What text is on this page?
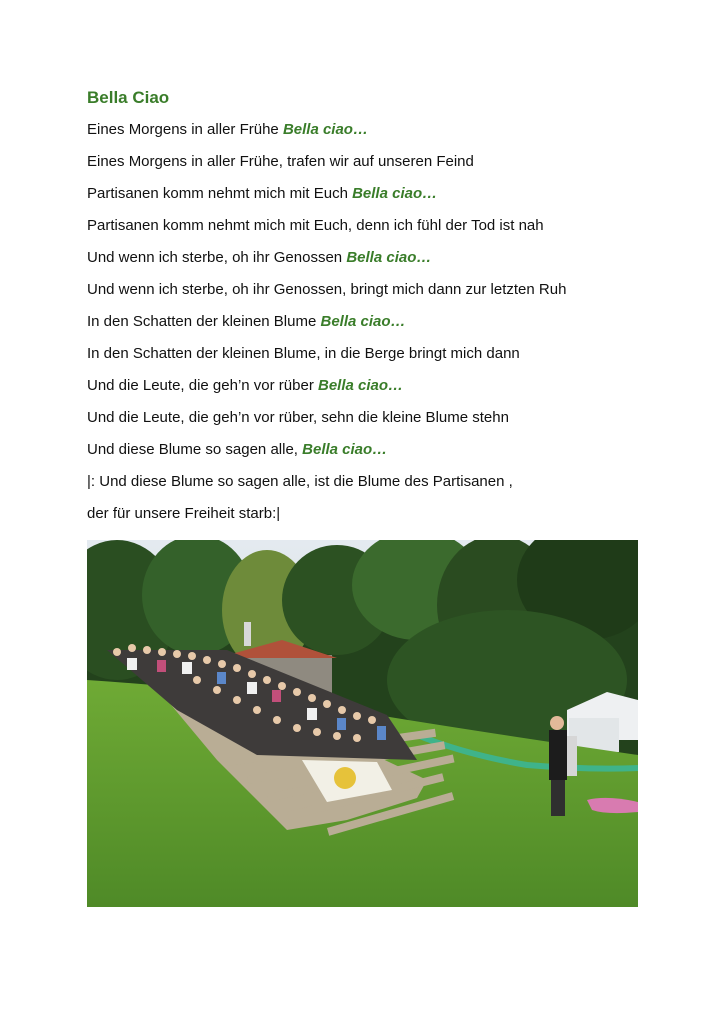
Bella Ciao

Eines Morgens in aller Frühe Bella ciao…

Eines Morgens in aller Frühe, trafen wir auf unseren Feind

Partisanen komm nehmt mich mit Euch Bella ciao…

Partisanen komm nehmt mich mit Euch, denn ich fühl der Tod ist nah

Und wenn ich sterbe, oh ihr Genossen Bella ciao…

Und wenn ich sterbe, oh ihr Genossen, bringt mich dann zur letzten Ruh

In den Schatten der kleinen Blume Bella ciao…

In den Schatten der kleinen Blume, in die Berge bringt mich dann

Und die Leute, die geh’n vor rüber Bella ciao…

Und die Leute, die geh’n vor rüber, sehn die kleine Blume stehn

Und diese Blume so sagen alle, Bella ciao…

|: Und diese Blume so sagen alle, ist die Blume des Partisanen ,

der für unsere Freiheit starb:|
